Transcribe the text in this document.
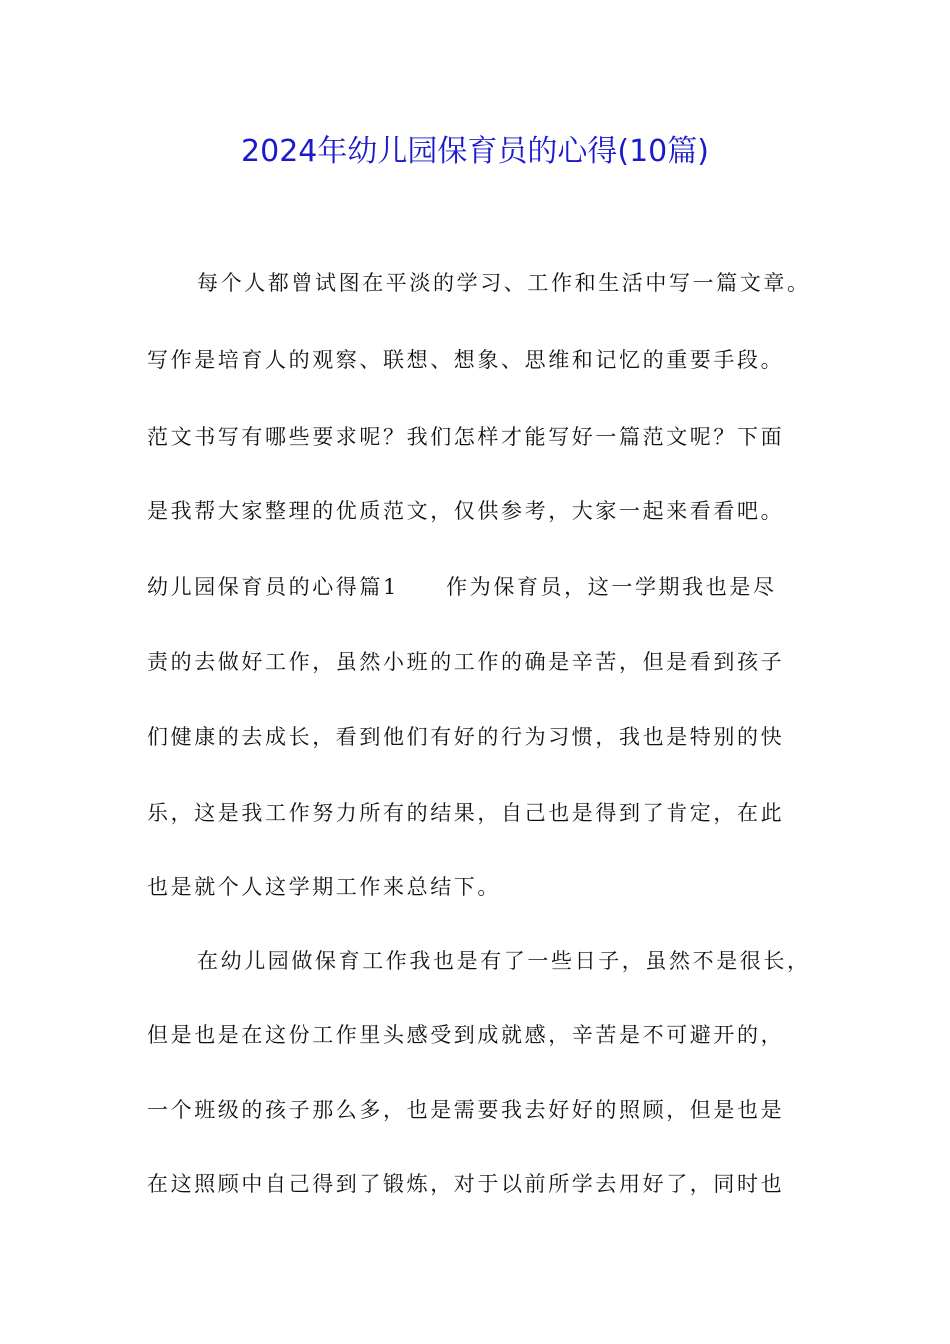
2024年幼儿园保育员的心得(10篇)
每个人都曾试图在平淡的学习、工作和生活中写一篇文章。
写作是培育人的观察、联想、想象、思维和记忆的重要手段。
范文书写有哪些要求呢？我们怎样才能写好一篇范文呢？下面
是我帮大家整理的优质范文，仅供参考，大家一起来看看吧。
幼儿园保育员的心得篇1　　作为保育员，这一学期我也是尽
责的去做好工作，虽然小班的工作的确是辛苦，但是看到孩子
们健康的去成长，看到他们有好的行为习惯，我也是特别的快
乐，这是我工作努力所有的结果，自己也是得到了肯定，在此
也是就个人这学期工作来总结下。
在幼儿园做保育工作我也是有了一些日子，虽然不是很长，
但是也是在这份工作里头感受到成就感，辛苦是不可避开的，
一个班级的孩子那么多，也是需要我去好好的照顾，但是也是
在这照顾中自己得到了锻炼，对于以前所学去用好了，同时也
